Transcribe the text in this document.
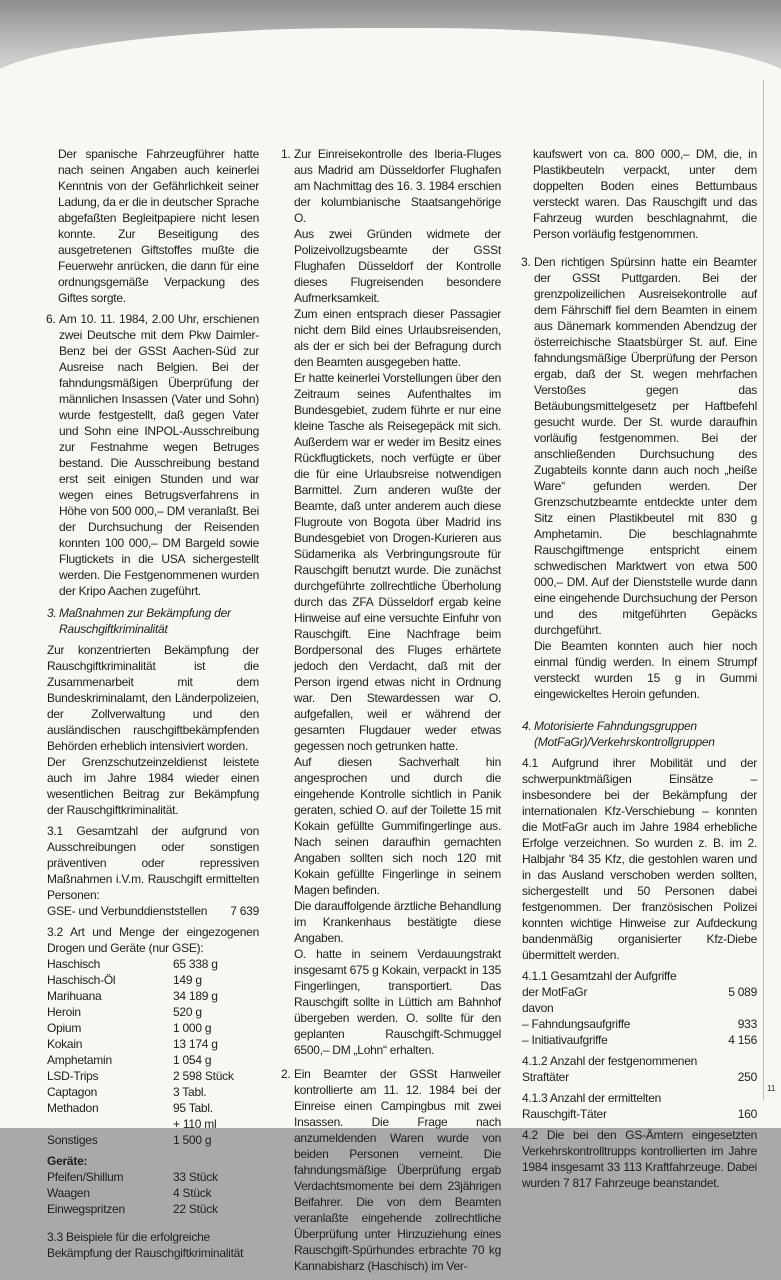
Der spanische Fahrzeugführer hatte nach seinen Angaben auch keinerlei Kenntnis von der Gefährlichkeit seiner Ladung, da er die in deutscher Sprache abgefaßten Begleitpapiere nicht lesen konnte. Zur Beseitigung des ausgetretenen Giftstoffes mußte die Feuerwehr anrücken, die dann für eine ordnungsgemäße Verpackung des Giftes sorgte.

6. Am 10. 11. 1984, 2.00 Uhr, erschienen zwei Deutsche mit dem Pkw Daimler-Benz bei der GSSt Aachen-Süd zur Ausreise nach Belgien. Bei der fahndungsmäßigen Überprüfung der männlichen Insassen (Vater und Sohn) wurde festgestellt, daß gegen Vater und Sohn eine INPOL-Ausschreibung zur Festnahme wegen Betruges bestand. Die Ausschreibung bestand erst seit einigen Stunden und war wegen eines Betrugsverfahrens in Höhe von 500 000,– DM veranlaßt. Bei der Durchsuchung der Reisenden konnten 100 000,– DM Bargeld sowie Flugtickets in die USA sichergestellt werden. Die Festgenommenen wurden der Kripo Aachen zugeführt.

3. Maßnahmen zur Bekämpfung der Rauschgiftkriminalität

Zur konzentrierten Bekämpfung der Rauschgiftkriminalität ist die Zusammenarbeit mit dem Bundeskriminalamt, den Länderpolizeien, der Zollverwaltung und den ausländischen rauschgiftbekämpfenden Behörden erheblich intensiviert worden.

Der Grenzschutzeinzeldienst leistete auch im Jahre 1984 wieder einen wesentlichen Beitrag zur Bekämpfung der Rauschgiftkriminalität.

3.1 Gesamtzahl der aufgrund von Ausschreibungen oder sonstigen präventiven oder repressiven Maßnahmen i.V.m. Rauschgift ermittelten Personen:

GSE- und Verbunddienststellen	7 639

3.2 Art und Menge der eingezogenen Drogen und Geräte (nur GSE):

Haschisch	65 338 g
Haschisch-Öl	149 g
Marihuana	34 189 g
Heroin	520 g
Opium	1 000 g
Kokain	13 174 g
Amphetamin	1 054 g
LSD-Trips	2 598 Stück
Captagon	3 Tabl.
Methadon	95 Tabl.
	+ 110 ml
Sonstiges	1 500 g
Geräte:
Pfeifen/Shillum	33 Stück
Waagen	4 Stück
Einwegspritzen	22 Stück

3.3 Beispiele für die erfolgreiche Bekämpfung der Rauschgiftkriminalität

1. Zur Einreisekontrolle des Iberia-Fluges aus Madrid am Düsseldorfer Flughafen am Nachmittag des 16. 3. 1984 erschien der kolumbianische Staatsangehörige O.

Aus zwei Gründen widmete der Polizeivollzugsbeamte der GSSt Flughafen Düsseldorf der Kontrolle dieses Flugreisenden besondere Aufmerksamkeit.

Zum einen entsprach dieser Passagier nicht dem Bild eines Urlaubsreisenden, als der er sich bei der Befragung durch den Beamten ausgegeben hatte.

Er hatte keinerlei Vorstellungen über den Zeitraum seines Aufenthaltes im Bundesgebiet, zudem führte er nur eine kleine Tasche als Reisegepäck mit sich. Außerdem war er weder im Besitz eines Rückflugtickets, noch verfügte er über die für eine Urlaubsreise notwendigen Barmittel. Zum anderen wußte der Beamte, daß unter anderem auch diese Flugroute von Bogota über Madrid ins Bundesgebiet von Drogen-Kurieren aus Südamerika als Verbringungsroute für Rauschgift benutzt wurde. Die zunächst durchgeführte zollrechtliche Überholung durch das ZFA Düsseldorf ergab keine Hinweise auf eine versuchte Einfuhr von Rauschgift. Eine Nachfrage beim Bordpersonal des Fluges erhärtete jedoch den Verdacht, daß mit der Person irgend etwas nicht in Ordnung war. Den Stewardessen war O. aufgefallen, weil er während der gesamten Flugdauer weder etwas gegessen noch getrunken hatte.

Auf diesen Sachverhalt hin angesprochen und durch die eingehende Kontrolle sichtlich in Panik geraten, schied O. auf der Toilette 15 mit Kokain gefüllte Gummifingerlinge aus. Nach seinen daraufhin gemachten Angaben sollten sich noch 120 mit Kokain gefüllte Fingerlinge in seinem Magen befinden.

Die darauffolgende ärztliche Behandlung im Krankenhaus bestätigte diese Angaben.

O. hatte in seinem Verdauungstrakt insgesamt 675 g Kokain, verpackt in 135 Fingerlingen, transportiert. Das Rauschgift sollte in Lüttich am Bahnhof übergeben werden. O. sollte für den geplanten Rauschgift-Schmuggel 6500,– DM „Lohn“ erhalten.

2. Ein Beamter der GSSt Hanweiler kontrollierte am 11. 12. 1984 bei der Einreise einen Campingbus mit zwei Insassen. Die Frage nach anzumeldenden Waren wurde von beiden Personen verneint. Die fahndungsmäßige Überprüfung ergab Verdachtsmomente bei dem 23jährigen Beifahrer. Die von dem Beamten veranlaßte eingehende zollrechtliche Überprüfung unter Hinzuziehung eines Rauschgift-Spürhundes erbrachte 70 kg Kannabisharz (Haschisch) im Ver-

kaufswert von ca. 800 000,– DM, die, in Plastikbeuteln verpackt, unter dem doppelten Boden eines Bettumbaus versteckt waren. Das Rauschgift und das Fahrzeug wurden beschlagnahmt, die Person vorläufig festgenommen.

3. Den richtigen Spürsinn hatte ein Beamter der GSSt Puttgarden. Bei der grenzpolizeilichen Ausreisekontrolle auf dem Fährschiff fiel dem Beamten in einem aus Dänemark kommenden Abendzug der österreichische Staatsbürger St. auf. Eine fahndungsmäßige Überprüfung der Person ergab, daß der St. wegen mehrfachen Verstoßes gegen das Betäubungsmittelgesetz per Haftbefehl gesucht wurde. Der St. wurde daraufhin vorläufig festgenommen. Bei der anschließenden Durchsuchung des Zugabteils konnte dann auch noch „heiße Ware“ gefunden werden. Der Grenzschutzbeamte entdeckte unter dem Sitz einen Plastikbeutel mit 830 g Amphetamin. Die beschlagnahmte Rauschgiftmenge entspricht einem schwedischen Marktwert von etwa 500 000,– DM. Auf der Dienststelle wurde dann eine eingehende Durchsuchung der Person und des mitgeführten Gepäcks durchgeführt.

Die Beamten konnten auch hier noch einmal fündig werden. In einem Strumpf versteckt wurden 15 g in Gummi eingewickeltes Heroin gefunden.

4. Motorisierte Fahndungsgruppen (MotFaGr)/Verkehrskontrollgruppen

4.1 Aufgrund ihrer Mobilität und der schwerpunktmäßigen Einsätze – insbesondere bei der Bekämpfung der internationalen Kfz-Verschiebung – konnten die MotFaGr auch im Jahre 1984 erhebliche Erfolge verzeichnen. So wurden z. B. im 2. Halbjahr '84 35 Kfz, die gestohlen waren und in das Ausland verschoben werden sollten, sichergestellt und 50 Personen dabei festgenommen. Der französischen Polizei konnten wichtige Hinweise zur Aufdeckung bandenmäßig organisierter Kfz-Diebe übermittelt werden.

4.1.1 Gesamtzahl der Aufgriffe
der MotFaGr	5 089
davon	
– Fahndungsaufgriffe	933
– Initiativaufgriffe	4 156
4.1.2 Anzahl der festgenommenen
Straftäter	250
4.1.3 Anzahl der ermittelten
Rauschgift-Täter	160

4.2 Die bei den GS-Ämtern eingesetzten Verkehrskontrolltrupps kontrollierten im Jahre 1984 insgesamt 33 113 Kraftfahrzeuge. Dabei wurden 7 817 Fahrzeuge beanstandet.

11
